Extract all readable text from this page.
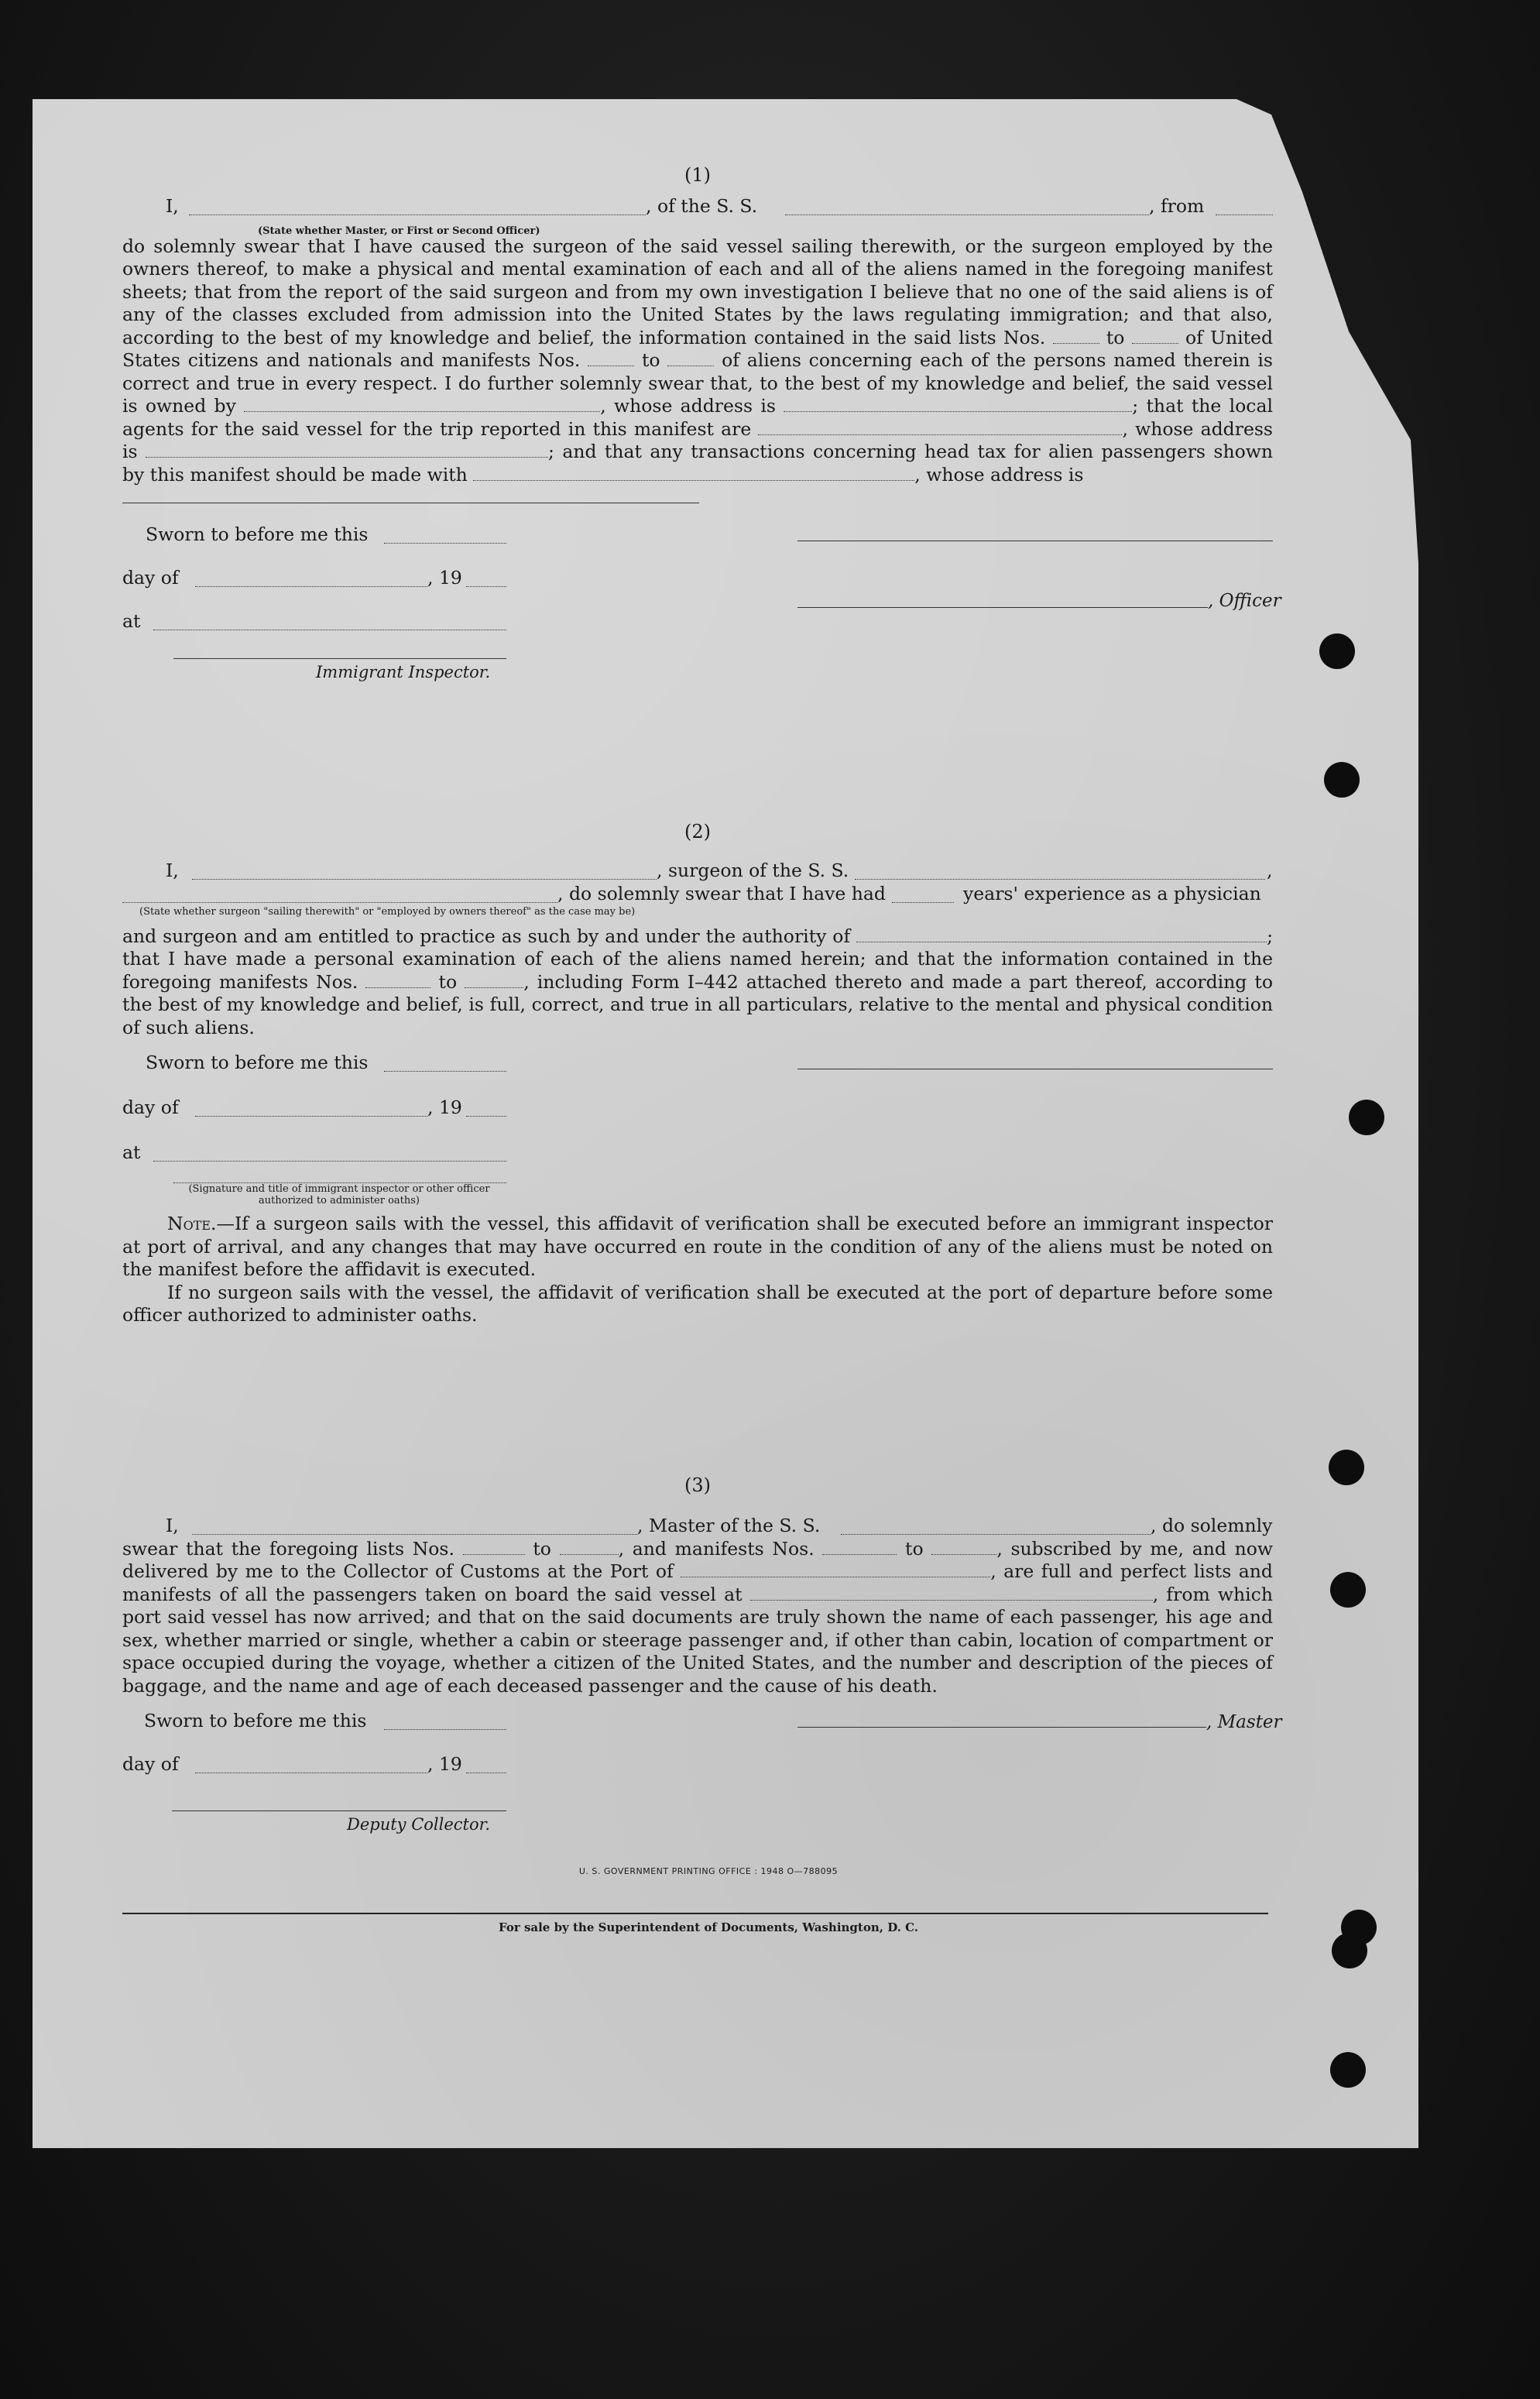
(1)

I,	, of the S. S.	, from
(State whether Master, or First or Second Officer)

do solemnly swear that I have caused the surgeon of the said vessel sailing therewith, or the surgeon employed by the owners thereof, to make a physical and mental examination of each and all of the aliens named in the foregoing manifest sheets; that from the report of the said surgeon and from my own investigation I believe that no one of the said aliens is of any of the classes excluded from admission into the United States by the laws regulating immigration; and that also, according to the best of my knowledge and belief, the information contained in the said lists Nos.	to	of United States citizens and nationals and manifests Nos.	to	of aliens concerning each of the persons named therein is correct and true in every respect. I do further solemnly swear that, to the best of my knowledge and belief, the said vessel is owned by	, whose address is	; that the local agents for the said vessel for the trip reported in this manifest are	, whose address is	; and that any transactions concerning head tax for alien passengers shown by this manifest should be made with	, whose address is

Sworn to before me this
day of	, 19
, Officer
at
Immigrant Inspector.

(2)

I,	, surgeon of the S. S.	,
, do solemnly swear that I have had	years' experience as a physician
(State whether surgeon "sailing therewith" or "employed by owners thereof" as the case may be)

and surgeon and am entitled to practice as such by and under the authority of	; that I have made a personal examination of each of the aliens named herein; and that the information contained in the foregoing manifests Nos.	to	, including Form I–442 attached thereto and made a part thereof, according to the best of my knowledge and belief, is full, correct, and true in all particulars, relative to the mental and physical condition of such aliens.

Sworn to before me this
day of	, 19
at
(Signature and title of immigrant inspector or other officer authorized to administer oaths)

Note.—If a surgeon sails with the vessel, this affidavit of verification shall be executed before an immigrant inspector at port of arrival, and any changes that may have occurred en route in the condition of any of the aliens must be noted on the manifest before the affidavit is executed.

If no surgeon sails with the vessel, the affidavit of verification shall be executed at the port of departure before some officer authorized to administer oaths.

(3)

I,	, Master of the S. S.	, do solemnly

swear that the foregoing lists Nos.	to	, and manifests Nos.	to	, subscribed by me, and now delivered by me to the Collector of Customs at the Port of	, are full and perfect lists and manifests of all the passengers taken on board the said vessel at	, from which port said vessel has now arrived; and that on the said documents are truly shown the name of each passenger, his age and sex, whether married or single, whether a cabin or steerage passenger and, if other than cabin, location of compartment or space occupied during the voyage, whether a citizen of the United States, and the number and description of the pieces of baggage, and the name and age of each deceased passenger and the cause of his death.

Sworn to before me this	, Master
day of	, 19
Deputy Collector.
U. S. GOVERNMENT PRINTING OFFICE : 1948 O—788095
For sale by the Superintendent of Documents, Washington, D. C.
